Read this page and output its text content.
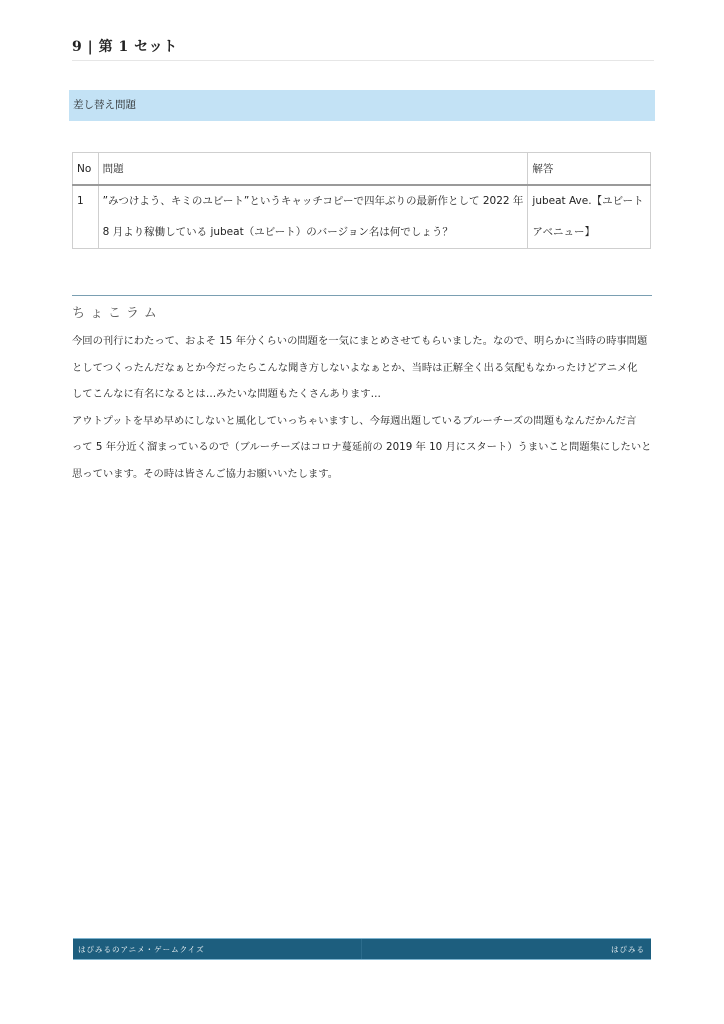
9 | 第 1 セット
差し替え問題
No	問題	解答

1	”みつけよう、キミのユビート”というキャッチコピーで四年ぶりの最新作として 2022 年
8 月より稼働している jubeat（ユビート）のバージョン名は何でしょう？

jubeat Ave.【ユビート
アベニュー】
ちょこラム
今回の刊行にわたって、およそ 15 年分くらいの問題を一気にまとめさせてもらいました。なので、明らかに当時の時事問題
としてつくったんだなぁとか今だったらこんな聞き方しないよなぁとか、当時は正解全く出る気配もなかったけどアニメ化
してこんなに有名になるとは…みたいな問題もたくさんあります…
アウトプットを早め早めにしないと風化していっちゃいますし、今毎週出題しているブルーチーズの問題もなんだかんだ言
って 5 年分近く溜まっているので（ブルーチーズはコロナ蔓延前の 2019 年 10 月にスタート）うまいこと問題集にしたいと
思っています。その時は皆さんご協力お願いいたします。
はぴみるのアニメ・ゲームクイズ	はぴみる
